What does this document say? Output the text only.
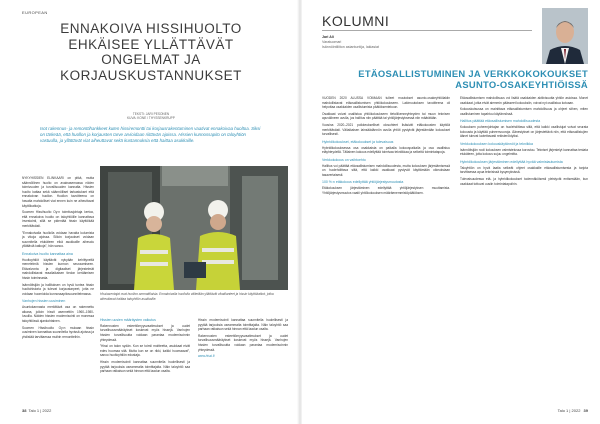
EUROPEAN
ENNAKOIVA HISSIHUOLTO EHKÄISEE YLLÄTTÄVÄT ONGELMAT JA KORJAUSKUSTANNUKSET
TEKSTI: JARI PESONEN
KUVA: KONE / THYSSENKRUPP

Isot rakennus- ja remonttihankkeet kuten hissiremontti tai korjausrakentaminen vaativat ennakoivaa huoltoa. Siksi on tärkeää, että huollon ja korjausten tarve arvioidaan riittävän ajoissa. Hissien kunnossapito on taloyhtiön vastuulla, ja yllättävät viat aiheuttavat sekä kustannuksia että haittaa asukkaille.

NYKYHISSIEN ELINKAARI on pitkä, mutta säännöllinen huolto on avainasemassa niiden toimivuuden ja turvallisuuden kannalta. Hissien huolto kattaa sekä säännölliset tarkastukset että ennakoivan huollon. Huollon tavoitteena on havaita mahdolliset viat ennen kuin ne aiheuttavat käyttökatkoja.
Suomen Hissihuolto Oy:n toimitusjohtaja kertoo, että ennakoiva huolto on taloyhtiöille kannattava investointi, sillä se pidentää hissin käyttöikää merkittävästi.
”Ennakoivalla huollolla voidaan havaita kulumista ja vikoja ajoissa. Silloin korjaukset voidaan suunnitella etukäteen eikä asukkaille aiheudu yllättäviä katkoja”, hän sanoo.
Ennakoiva huolto kannattaa aina
Huoltoyhtiöt käyttävät nykyään kehittyneitä menetelmiä hissien kunnon seuraamiseen. Etävalvonta ja digitaaliset järjestelmät mahdollistavat reaaliaikaisen tiedon keräämisen hissin toiminnasta.
Isännöitsijän ja hallituksen on hyvä tuntea hissin huoltohistoria ja tulevat korjaustarpeet, jotta ne voidaan huomioida kunnossapitosuunnitelmassa.
Vanhojen hissien uusiminen
Asuntokannasta merkittävä osa on rakennettu aikana, jolloin hissit asennettiin 1960–1980-luvuilla. Näiden hissien modernisointi on monessa taloyhtiössä ajankohtainen.
Suomen Hissihuolto Oy:n mukaan hissin uusiminen kannattaa suunnitella hyvissä ajoissa ja yhdistää tarvittaessa muihin remontteihin.

Hissiasentajat ovat huollon ammattilaisia. Ennakoivalla huollolla vältetään yllättävät vikatilanteet ja hissin käyttökatkot, jotka aiheuttavat haittaa taloyhtiön asukkaille.

Hissien uusien määräysten vaikutus
Rakennusten esteettömyysvaatimukset ja uudet turvallisuusmääräykset koskevat myös hissejä. Vanhojen hissien turvallisuutta voidaan parantaa modernisoinnin yhteydessä.
”Hissi on talon sydän. Kun se toimii moitteetta, asukkaat eivät edes huomaa sitä. Mutta kun se on rikki, kaikki huomaavat”, sanoo huoltoyhtiön edustaja.
Hissin modernisointi kannattaa suunnitella huolellisesti ja pyytää tarjouksia useammalta toimittajalta. Näin taloyhtiö saa parhaan ratkaisun sekä hinnan että laadun osalta.
Hissin modernisointi kannattaa suunnitella huolellisesti ja pyytää tarjouksia useammalta toimittajalta. Näin taloyhtiö saa parhaan ratkaisun sekä hinnan että laadun osalta.
Rakennusten esteettömyysvaatimukset ja uudet turvallisuusmääräykset koskevat myös hissejä. Vanhojen hissien turvallisuutta voidaan parantaa modernisoinnin yhteydessä.
www.hissi.fi
38 Talo 1 | 2022
KOLUMNI
Jari Ali
Varatuomari
Isännöintiliiton asiantuntija, lakiasiat
ETÄOSALLISTUMINEN JA VERKKOKOKOUKSET ASUNTO-OSAKEYHTIÖISSÄ
VUODEN 2020 ALUSSA VOIMAAN tulleet muutokset asunto-osakeyhtiölakiin mahdollistavat etäosallistumisen yhtiökokoukseen. Lakimuutoksen tavoitteena oli helpottaa osakkaiden osallistumista päätöksentekoon.
Osakkaat voivat osallistua yhtiökokoukseen tietoliikenneyhteyden tai muun teknisen apuvälineen avulla, jos hallitus niin päättää tai yhtiöjärjestyksessä niin määrätään.
Vuosina 2020–2021 poikkeukselliset olosuhteet lisäsivät etäkokousten käyttöä merkittävästi. Väliaikaisen lainsäädännön avulla yhtiöt pystyivät järjestämään kokoukset turvallisesti.
Hybridikokoukset, etäkokoukset ja tulevaisuus
Hybridikokouksessa osa osakkaista on paikalla kokouspaikalla ja osa osallistuu etäyhteydellä. Tällainen kokous edellyttää toimivaa tekniikkaa ja selkeitä toimintatapoja.
Verkkokokous on vaihtoehto
Hallitus voi päättää etäosallistumisen mahdollisuudesta, mutta kokouksen järjestämisessä on huolehdittava siitä, että kaikki osakkaat pystyvät käyttämään oikeuksiaan tasavertaisesti.
100 %:n etäkokous edellyttää yhtiöjärjestysmuutosta
Etäkokouksen järjestäminen edellyttää yhtiöjärjestyksen muuttamista. Yhtiöjärjestysmuutos vaatii yhtiökokouksen määräenemmistöpäätöksen.
Etäosallistumisen mahdollisuus voi lisätä osakkaiden aktiivisuutta yhtiön asioissa. Monet osakkaat, jotka eivät aiemmin päässeet kokouksiin, voivat nyt osallistua kotoaan.
Kokouskutsussa on mainittava etäosallistumisen mahdollisuus ja ohjeet siihen, miten osallistuminen tapahtuu käytännössä.
Hallitus päättää etäosallistumisen mahdollisuudesta
Kokouksen puheenjohtajan on huolehdittava siitä, että kaikki osallistujat voivat seurata kokousta ja käyttää puheenvuoroja. Äänestykset on järjestettävä niin, että etäosallistujien äänet tulevat luotettavasti rekisteröidyiksi.
Verkkokokouksen kokouskäytännöt ja tekniikka
Isännöitsijän rooli kokouksen valmistelussa korostuu. Tekniset järjestelyt kannattaa testata etukäteen, jotta kokous sujuu ongelmitta.
Hybridikokouksen järjestäminen edellyttää hyvää valmistautumista
Taloyhtiön on hyvä laatia selkeät ohjeet osakkaille etäosallistumisesta ja tarjota tarvittaessa apua teknisissä kysymyksissä.
Tulevaisuudessa etä- ja hybridikokoukset todennäköisesti yleistyvät entisestään, kun osakkaat tottuvat uusiin toimintatapoihin.
Talo 1 | 2022 39
